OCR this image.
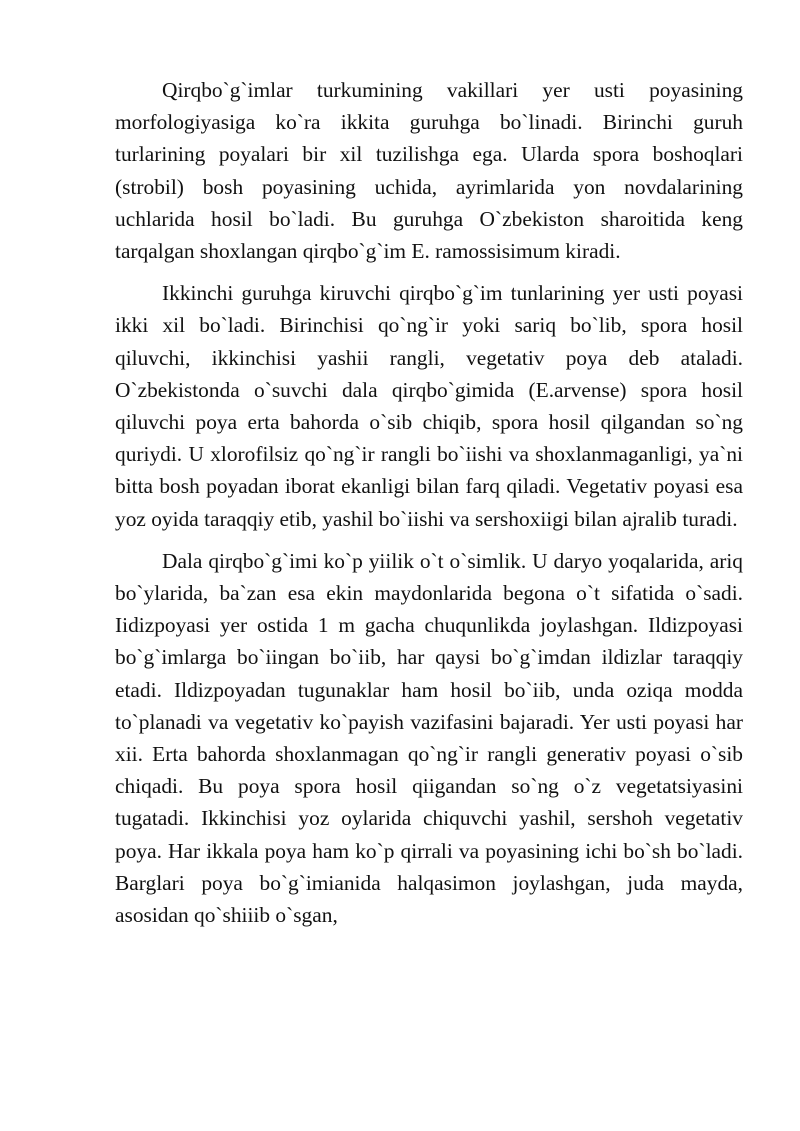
Qirqbo`g`imlar turkumining vakillari yer usti poyasining morfologiyasiga ko`ra ikkita guruhga bo`linadi. Birinchi guruh turlarining poyalari bir xil tuzilishga ega. Ularda spora boshoqlari (strobil) bosh poyasining uchida, ayrimlarida yon novdalarining uchlarida hosil bo`ladi. Bu guruhga O`zbekiston sharoitida keng tarqalgan shoxlangan qirqbo`g`im E. ramossisimum kiradi.

Ikkinchi guruhga kiruvchi qirqbo`g`im tunlarining yer usti poyasi ikki xil bo`ladi. Birinchisi qo`ng`ir yoki sariq bo`lib, spora hosil qiluvchi, ikkinchisi yashii rangli, vegetativ poya deb ataladi. O`zbekistonda o`suvchi dala qirqbo`gimida (E.arvense) spora hosil qiluvchi poya erta bahorda o`sib chiqib, spora hosil qilgandan so`ng quriydi. U xlorofilsiz qo`ng`ir rangli bo`iishi va shoxlanmaganligi, ya`ni bitta bosh poyadan iborat ekanligi bilan farq qiladi. Vegetativ poyasi esa yoz oyida taraqqiy etib, yashil bo`iishi va sershoxiigi bilan ajralib turadi.

Dala qirqbo`g`imi ko`p yiilik o`t o`simlik. U daryo yoqalarida, ariq bo`ylarida, ba`zan esa ekin maydonlarida begona o`t sifatida o`sadi. Iidizpoyasi yer ostida 1 m gacha chuqunlikda joylashgan. Ildizpoyasi bo`g`imlarga bo`iingan bo`iib, har qaysi bo`g`imdan ildizlar taraqqiy etadi. Ildizpoyadan tugunaklar ham hosil bo`iib, unda oziqa modda to`planadi va vegetativ ko`payish vazifasini bajaradi. Yer usti poyasi har xii. Erta bahorda shoxlanmagan qo`ng`ir rangli generativ poyasi o`sib chiqadi. Bu poya spora hosil qiigandan so`ng o`z vegetatsiyasini tugatadi. Ikkinchisi yoz oylarida chiquvchi yashil, sershoh vegetativ poya. Har ikkala poya ham ko`p qirrali va poyasining ichi bo`sh bo`ladi. Barglari poya bo`g`imianida halqasimon joylashgan, juda mayda, asosidan qo`shiiib o`sgan,
